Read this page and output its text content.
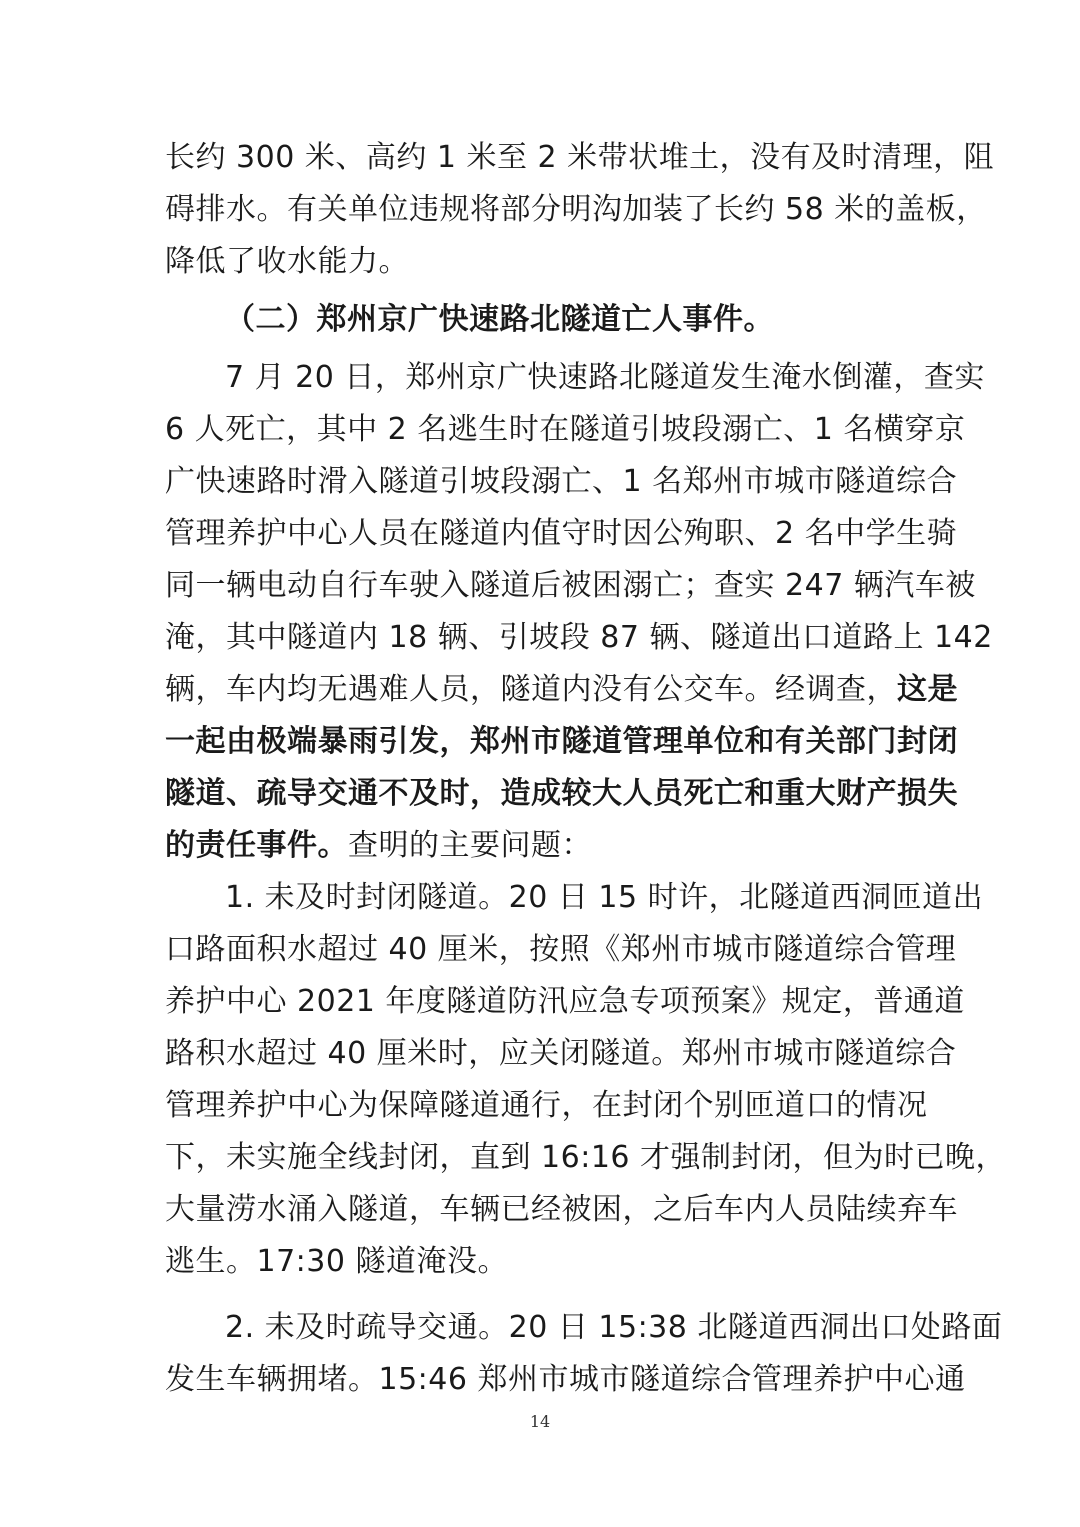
长约 300 米、高约 1 米至 2 米带状堆土，没有及时清理，阻
碍排水。有关单位违规将部分明沟加装了长约 58 米的盖板，
降低了收水能力。
（二）郑州京广快速路北隧道亡人事件。
7 月 20 日，郑州京广快速路北隧道发生淹水倒灌，查实
6 人死亡，其中 2 名逃生时在隧道引坡段溺亡、1 名横穿京
广快速路时滑入隧道引坡段溺亡、1 名郑州市城市隧道综合
管理养护中心人员在隧道内值守时因公殉职、2 名中学生骑
同一辆电动自行车驶入隧道后被困溺亡；查实 247 辆汽车被
淹，其中隧道内 18 辆、引坡段 87 辆、隧道出口道路上 142
辆，车内均无遇难人员，隧道内没有公交车。经调查，这是
一起由极端暴雨引发，郑州市隧道管理单位和有关部门封闭
隧道、疏导交通不及时，造成较大人员死亡和重大财产损失
的责任事件。查明的主要问题：
1. 未及时封闭隧道。20 日 15 时许，北隧道西洞匝道出
口路面积水超过 40 厘米，按照《郑州市城市隧道综合管理
养护中心 2021 年度隧道防汛应急专项预案》规定，普通道
路积水超过 40 厘米时，应关闭隧道。郑州市城市隧道综合
管理养护中心为保障隧道通行，在封闭个别匝道口的情况
下，未实施全线封闭，直到 16:16 才强制封闭，但为时已晚，
大量涝水涌入隧道，车辆已经被困，之后车内人员陆续弃车
逃生。17:30 隧道淹没。
2. 未及时疏导交通。20 日 15:38 北隧道西洞出口处路面
发生车辆拥堵。15:46 郑州市城市隧道综合管理养护中心通
14
